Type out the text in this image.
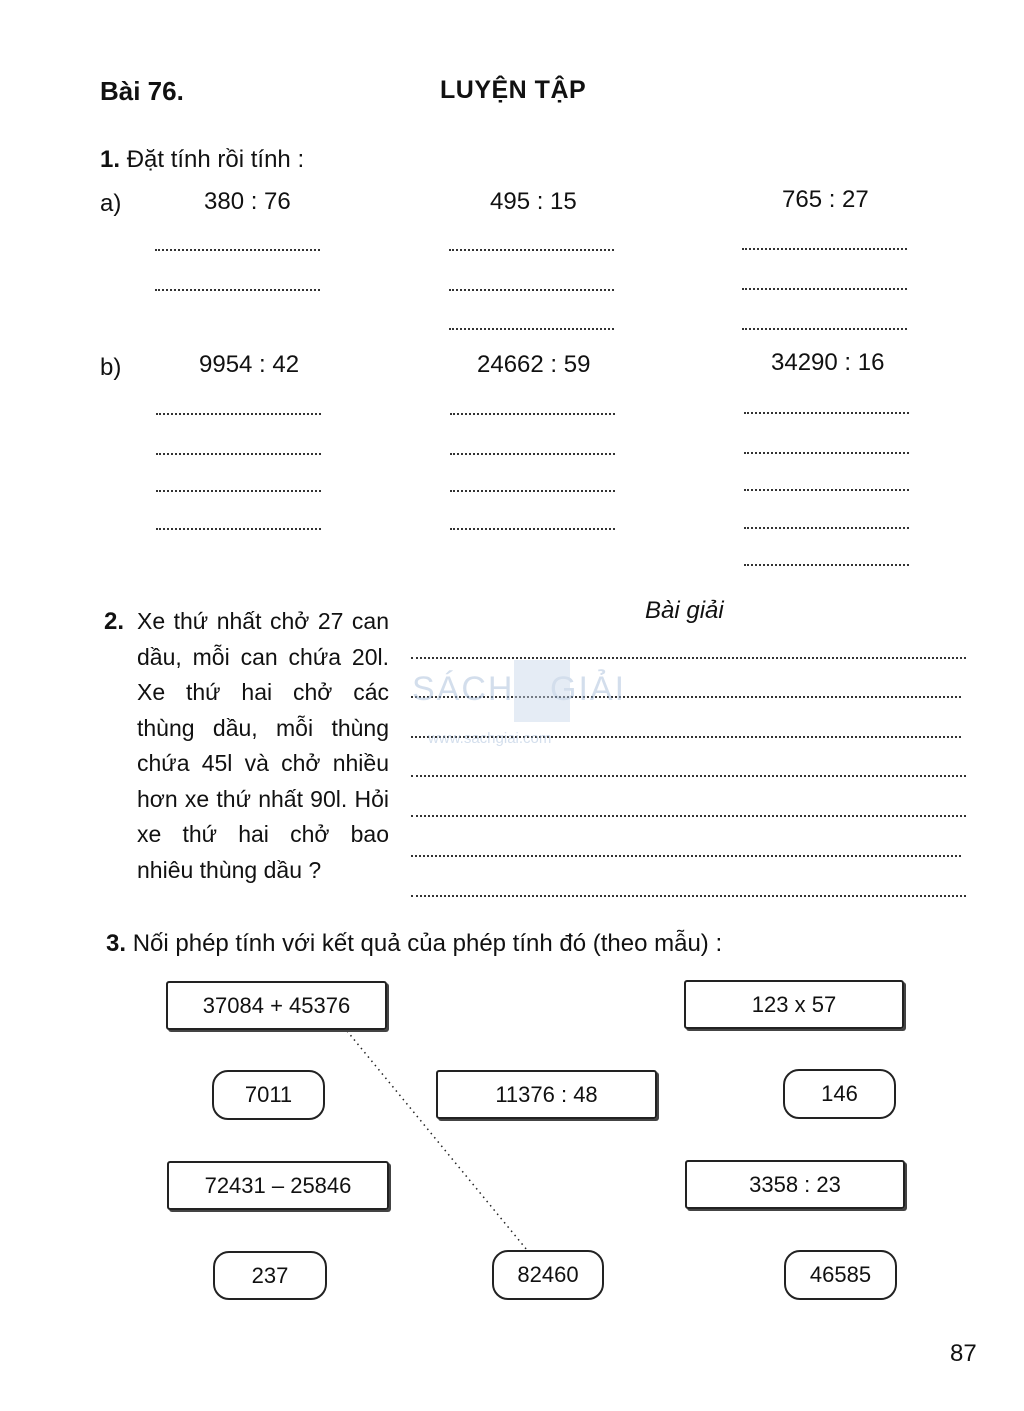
Bài 76.	LUYỆN TẬP
1. Đặt tính rồi tính :
a)	380 : 76	495 : 15	765 : 27
b)	9954 : 42	24662 : 59	34290 : 16
2. Xe thứ nhất chở 27 can dầu, mỗi can chứa 20l. Xe thứ hai chở các thùng dầu, mỗi thùng chứa 45l và chở nhiều hơn xe thứ nhất 90l. Hỏi xe thứ hai chở bao nhiêu thùng dầu ?
Bài giải
SÁCH GIẢI
www.sachgiai.com
3. Nối phép tính với kết quả của phép tính đó (theo mẫu) :
37084 + 45376	123 x 57
11376 : 48
72431 – 25846	3358 : 23
7011	146
237	82460	46585
87
